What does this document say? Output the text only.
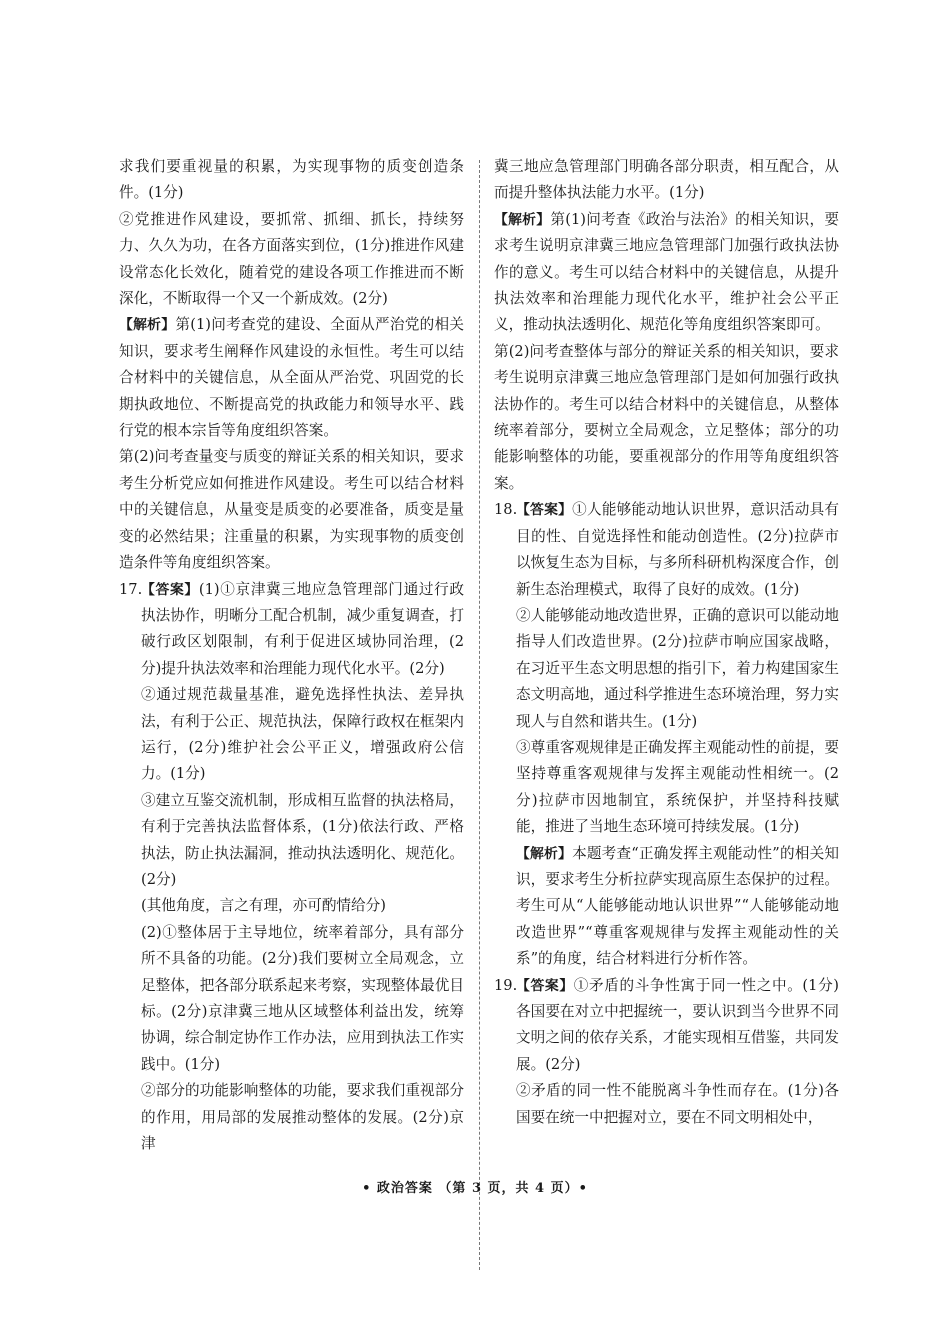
求我们要重视量的积累，为实现事物的质变创造条件。(1分)

②党推进作风建设，要抓常、抓细、抓长，持续努力、久久为功，在各方面落实到位，(1分)推进作风建设常态化长效化，随着党的建设各项工作推进而不断深化，不断取得一个又一个新成效。(2分)

【解析】第(1)问考查党的建设、全面从严治党的相关知识，要求考生阐释作风建设的永恒性。考生可以结合材料中的关键信息，从全面从严治党、巩固党的长期执政地位、不断提高党的执政能力和领导水平、践行党的根本宗旨等角度组织答案。

第(2)问考查量变与质变的辩证关系的相关知识，要求考生分析党应如何推进作风建设。考生可以结合材料中的关键信息，从量变是质变的必要准备，质变是量变的必然结果；注重量的积累，为实现事物的质变创造条件等角度组织答案。

17.

【答案】(1)①京津冀三地应急管理部门通过行政执法协作，明晰分工配合机制，减少重复调查，打破行政区划限制，有利于促进区域协同治理，(2分)提升执法效率和治理能力现代化水平。(2分)

②通过规范裁量基准，避免选择性执法、差异执法，有利于公正、规范执法，保障行政权在框架内运行，(2分)维护社会公平正义，增强政府公信力。(1分)

③建立互鉴交流机制，形成相互监督的执法格局，有利于完善执法监督体系，(1分)依法行政、严格执法，防止执法漏洞，推动执法透明化、规范化。(2分)

(其他角度，言之有理，亦可酌情给分)

(2)①整体居于主导地位，统率着部分，具有部分所不具备的功能。(2分)我们要树立全局观念，立足整体，把各部分联系起来考察，实现整体最优目标。(2分)京津冀三地从区域整体利益出发，统筹协调，综合制定协作工作办法，应用到执法工作实践中。(1分)

②部分的功能影响整体的功能，要求我们重视部分的作用，用局部的发展推动整体的发展。(2分)京津

冀三地应急管理部门明确各部分职责，相互配合，从而提升整体执法能力水平。(1分)

【解析】第(1)问考查《政治与法治》的相关知识，要求考生说明京津冀三地应急管理部门加强行政执法协作的意义。考生可以结合材料中的关键信息，从提升执法效率和治理能力现代化水平，维护社会公平正义，推动执法透明化、规范化等角度组织答案即可。

第(2)问考查整体与部分的辩证关系的相关知识，要求考生说明京津冀三地应急管理部门是如何加强行政执法协作的。考生可以结合材料中的关键信息，从整体统率着部分，要树立全局观念，立足整体；部分的功能影响整体的功能，要重视部分的作用等角度组织答案。

18.

【答案】①人能够能动地认识世界，意识活动具有目的性、自觉选择性和能动创造性。(2分)拉萨市以恢复生态为目标，与多所科研机构深度合作，创新生态治理模式，取得了良好的成效。(1分)

②人能够能动地改造世界，正确的意识可以能动地指导人们改造世界。(2分)拉萨市响应国家战略，在习近平生态文明思想的指引下，着力构建国家生态文明高地，通过科学推进生态环境治理，努力实现人与自然和谐共生。(1分)

③尊重客观规律是正确发挥主观能动性的前提，要坚持尊重客观规律与发挥主观能动性相统一。(2分)拉萨市因地制宜，系统保护，并坚持科技赋能，推进了当地生态环境可持续发展。(1分)

【解析】本题考查“正确发挥主观能动性”的相关知识，要求考生分析拉萨实现高原生态保护的过程。考生可从“人能够能动地认识世界”“人能够能动地改造世界”“尊重客观规律与发挥主观能动性的关系”的角度，结合材料进行分析作答。

19.

【答案】①矛盾的斗争性寓于同一性之中。(1分)各国要在对立中把握统一，要认识到当今世界不同文明之间的依存关系，才能实现相互借鉴，共同发展。(2分)

②矛盾的同一性不能脱离斗争性而存在。(1分)各国要在统一中把握对立，要在不同文明相处中，

• 政治答案 （第 3 页，共 4 页）•
